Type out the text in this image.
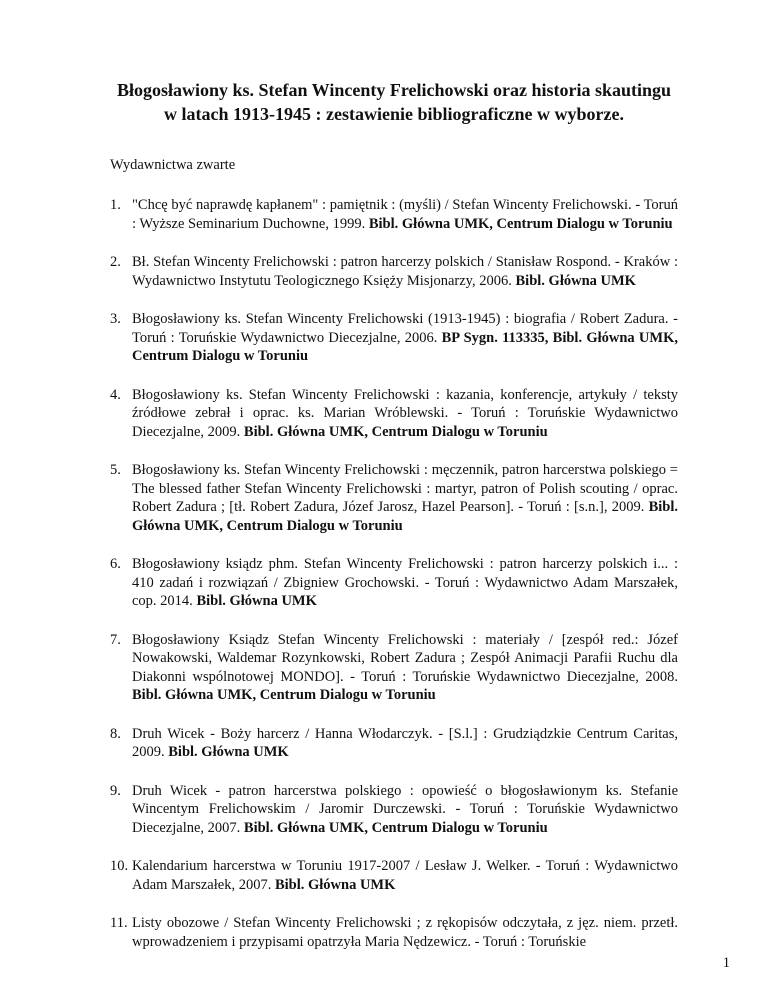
Błogosławiony ks. Stefan Wincenty Frelichowski oraz historia skautingu
w latach 1913-1945 : zestawienie bibliograficzne w wyborze.
Wydawnictwa zwarte
1. "Chcę być naprawdę kapłanem" : pamiętnik : (myśli) / Stefan Wincenty Frelichowski. - Toruń : Wyższe Seminarium Duchowne, 1999. Bibl. Główna UMK, Centrum Dialogu w Toruniu
2. Bł. Stefan Wincenty Frelichowski : patron harcerzy polskich / Stanisław Rospond. - Kraków : Wydawnictwo Instytutu Teologicznego Księży Misjonarzy, 2006. Bibl. Główna UMK
3. Błogosławiony ks. Stefan Wincenty Frelichowski (1913-1945) : biografia / Robert Zadura. - Toruń : Toruńskie Wydawnictwo Diecezjalne, 2006. BP Sygn. 113335, Bibl. Główna UMK, Centrum Dialogu w Toruniu
4. Błogosławiony ks. Stefan Wincenty Frelichowski : kazania, konferencje, artykuły / teksty źródłowe zebrał i oprac. ks. Marian Wróblewski. - Toruń : Toruńskie Wydawnictwo Diecezjalne, 2009. Bibl. Główna UMK, Centrum Dialogu w Toruniu
5. Błogosławiony ks. Stefan Wincenty Frelichowski : męczennik, patron harcerstwa polskiego = The blessed father Stefan Wincenty Frelichowski : martyr, patron of Polish scouting / oprac. Robert Zadura ; [tł. Robert Zadura, Józef Jarosz, Hazel Pearson]. - Toruń : [s.n.], 2009. Bibl. Główna UMK, Centrum Dialogu w Toruniu
6. Błogosławiony ksiądz phm. Stefan Wincenty Frelichowski : patron harcerzy polskich i... : 410 zadań i rozwiązań / Zbigniew Grochowski. - Toruń : Wydawnictwo Adam Marszałek, cop. 2014. Bibl. Główna UMK
7. Błogosławiony Ksiądz Stefan Wincenty Frelichowski : materiały / [zespół red.: Józef Nowakowski, Waldemar Rozynkowski, Robert Zadura ; Zespół Animacji Parafii Ruchu dla Diakonni wspólnotowej MONDO]. - Toruń : Toruńskie Wydawnictwo Diecezjalne, 2008. Bibl. Główna UMK, Centrum Dialogu w Toruniu
8. Druh Wicek - Boży harcerz / Hanna Włodarczyk. - [S.l.] : Grudziądzkie Centrum Caritas, 2009. Bibl. Główna UMK
9. Druh Wicek - patron harcerstwa polskiego : opowieść o błogosławionym ks. Stefanie Wincentym Frelichowskim / Jaromir Durczewski. - Toruń : Toruńskie Wydawnictwo Diecezjalne, 2007. Bibl. Główna UMK, Centrum Dialogu w Toruniu
10. Kalendarium harcerstwa w Toruniu 1917-2007 / Lesław J. Welker. - Toruń : Wydawnictwo Adam Marszałek, 2007. Bibl. Główna UMK
11. Listy obozowe / Stefan Wincenty Frelichowski ; z rękopisów odczytała, z jęz. niem. przetł. wprowadzeniem i przypisami opatrzyła Maria Nędzewicz. - Toruń : Toruńskie
1
